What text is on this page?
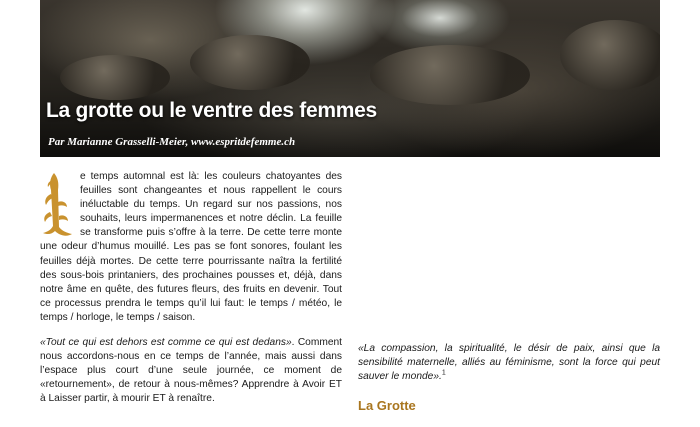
La grotte ou le ventre des femmes
Par Marianne Grasselli-Meier, www.espritdefemme.ch

e temps automnal est là: les couleurs chatoyantes des feuilles sont changeantes et nous rappellent le cours inéluctable du temps. Un regard sur nos passions, nos souhaits, leurs impermanences et notre déclin. La feuille se transforme puis s’offre à la terre. De cette terre monte une odeur d’humus mouillé. Les pas se font sonores, foulant les feuilles déjà mortes. De cette terre pourrissante naîtra la fertilité des sous-bois printaniers, des prochaines pousses et, déjà, dans notre âme en quête, des futures fleurs, des fruits en devenir. Tout ce processus prendra le temps qu’il lui faut: le temps / météo, le temps / horloge, le temps / saison.

«Tout ce qui est dehors est comme ce qui est dedans». Comment nous accordons-nous en ce temps de l’année, mais aussi dans l’espace plus court d’une seule journée, ce moment de «retournement», de retour à nous-mêmes? Apprendre à Avoir ET à Laisser partir, à mourir ET à renaître.

«La compassion, la spiritualité, le désir de paix, ainsi que la sensibilité maternelle, alliés au féminisme, sont la force qui peut sauver le monde».$^1$
La Grotte
